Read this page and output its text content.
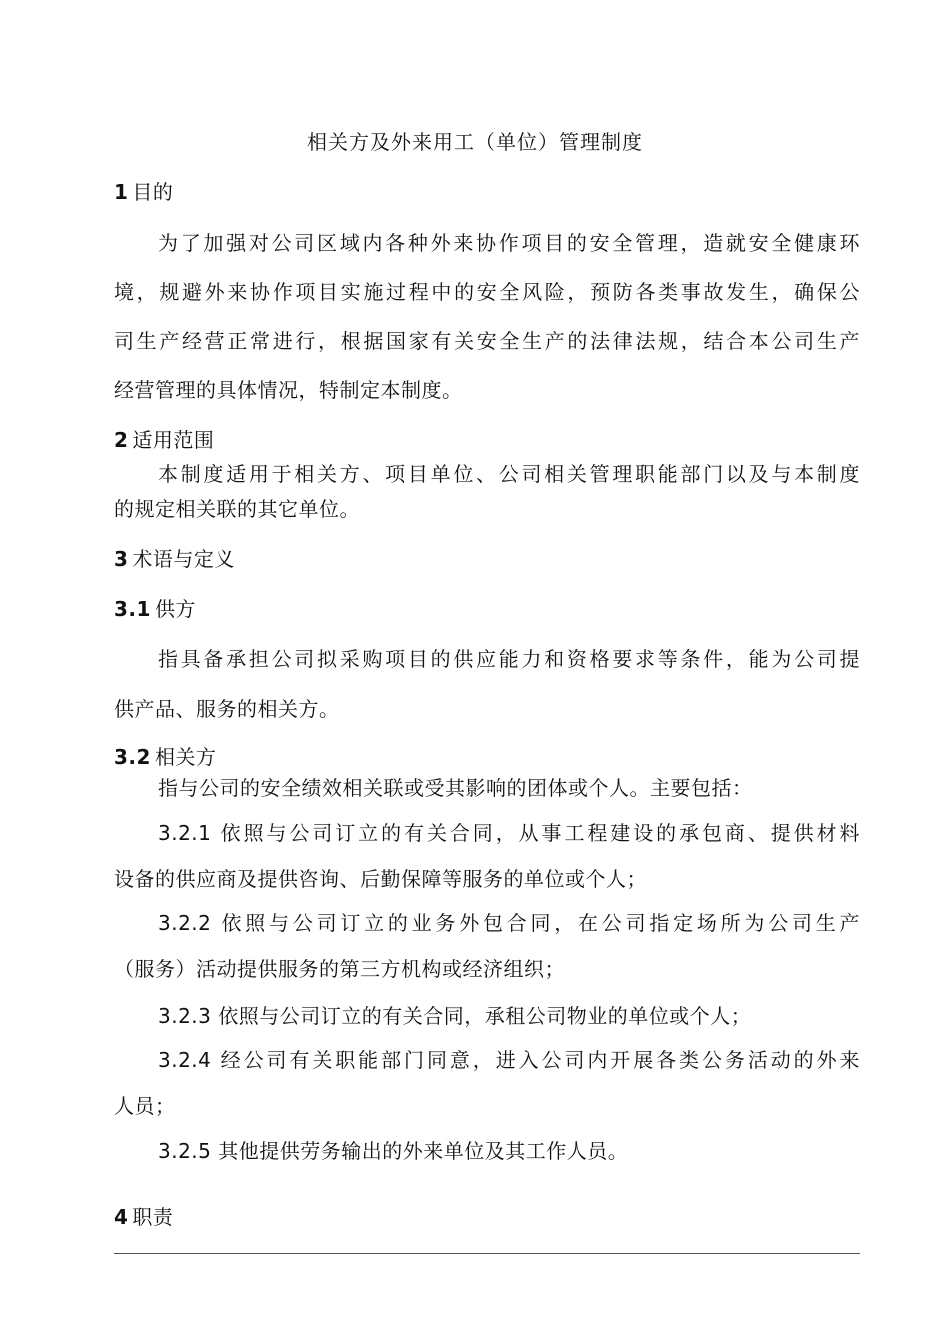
相关方及外来用工（单位）管理制度
1 目的
为了加强对公司区域内各种外来协作项目的安全管理，造就安全健康环
境，规避外来协作项目实施过程中的安全风险，预防各类事故发生，确保公
司生产经营正常进行，根据国家有关安全生产的法律法规，结合本公司生产
经营管理的具体情况，特制定本制度。
2 适用范围
本制度适用于相关方、项目单位、公司相关管理职能部门以及与本制度
的规定相关联的其它单位。
3 术语与定义
3.1 供方
指具备承担公司拟采购项目的供应能力和资格要求等条件，能为公司提
供产品、服务的相关方。
3.2 相关方
指与公司的安全绩效相关联或受其影响的团体或个人。主要包括：
3.2.1 依照与公司订立的有关合同，从事工程建设的承包商、提供材料
设备的供应商及提供咨询、后勤保障等服务的单位或个人；
3.2.2 依照与公司订立的业务外包合同，在公司指定场所为公司生产
（服务）活动提供服务的第三方机构或经济组织；
3.2.3 依照与公司订立的有关合同，承租公司物业的单位或个人；
3.2.4 经公司有关职能部门同意，进入公司内开展各类公务活动的外来
人员；
3.2.5 其他提供劳务输出的外来单位及其工作人员。
4 职责
